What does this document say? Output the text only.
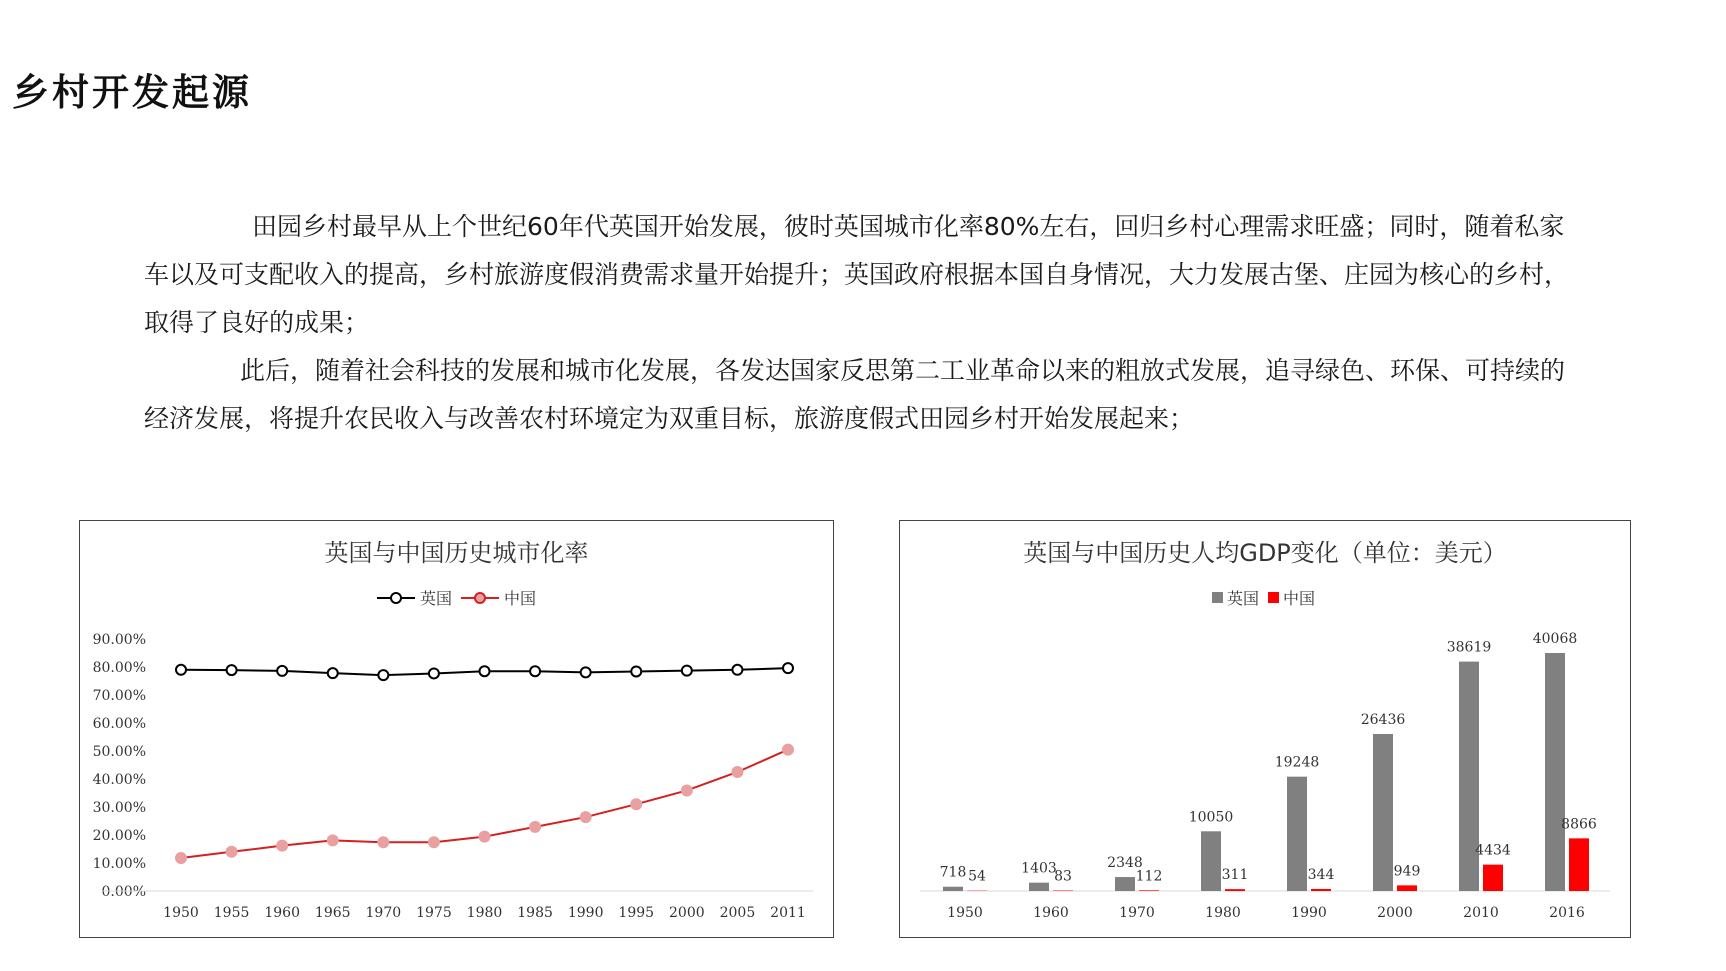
乡村开发起源

田园乡村最早从上个世纪60年代英国开始发展，彼时英国城市化率80%左右，回归乡村心理需求旺盛；同时，随着私家车以及可支配收入的提高，乡村旅游度假消费需求量开始提升；英国政府根据本国自身情况，大力发展古堡、庄园为核心的乡村，取得了良好的成果；

此后，随着社会科技的发展和城市化发展，各发达国家反思第二工业革命以来的粗放式发展，追寻绿色、环保、可持续的经济发展，将提升农民收入与改善农村环境定为双重目标，旅游度假式田园乡村开始发展起来；

英国与中国历史城市化率
英国	中国
0.00%
10.00%
20.00%
30.00%
40.00%
50.00%
60.00%
70.00%
80.00%
90.00%
1950 1955 1960 1965 1970 1975 1980 1985 1990 1995 2000 2005 2011
英国与中国历史人均GDP变化（单位：美元）
英国 中国
1950
718 54
1960
1403
83
1970
2348
112
1980
10050
311
1990
19248
344
2000
26436
949
2010
38619
4434
2016
40068
8866
